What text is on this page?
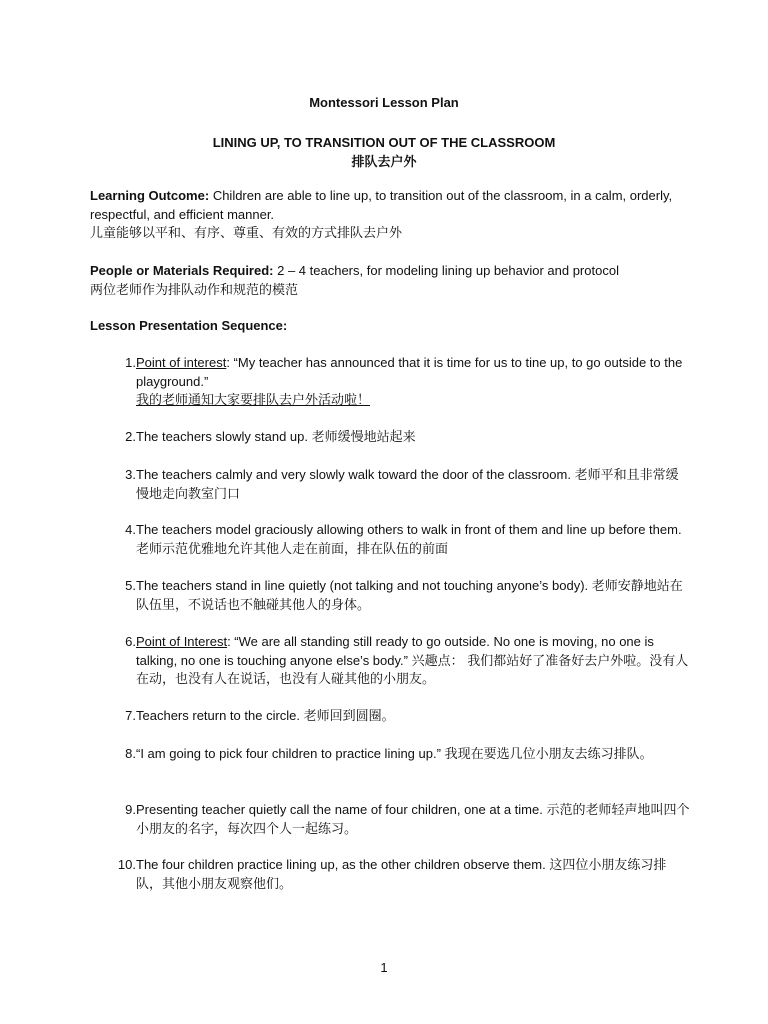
Montessori Lesson Plan
LINING UP, TO TRANSITION OUT OF THE CLASSROOM
排队去户外
Learning Outcome: Children are able to line up, to transition out of the classroom, in a calm, orderly, respectful, and efficient manner.
儿童能够以平和、有序、尊重、有效的方式排队去户外
People or Materials Required: 2 – 4 teachers, for modeling lining up behavior and protocol
两位老师作为排队动作和规范的模范
Lesson Presentation Sequence:
1. Point of interest: “My teacher has announced that it is time for us to tine up, to go outside to the playground.”
我的老师通知大家要排队去户外活动啦！
2. The teachers slowly stand up. 老师缓慢地站起来
3. The teachers calmly and very slowly walk toward the door of the classroom. 老师平和且非常缓慢地走向教室门口
4. The teachers model graciously allowing others to walk in front of them and line up before them. 老师示范优雅地允许其他人走在前面，排在队伍的前面
5. The teachers stand in line quietly (not talking and not touching anyone’s body). 老师安静地站在队伍里，不说话也不触碰其他人的身体。
6. Point of Interest: “We are all standing still ready to go outside. No one is moving, no one is talking, no one is touching anyone else’s body.” 兴趣点： 我们都站好了准备好去户外啦。没有人在动，也没有人在说话，也没有人碰其他的小朋友。
7. Teachers return to the circle. 老师回到圆圈。
8. “I am going to pick four children to practice lining up.” 我现在要选几位小朋友去练习排队。
9. Presenting teacher quietly call the name of four children, one at a time. 示范的老师轻声地叫四个小朋友的名字，每次四个人一起练习。
10. The four children practice lining up, as the other children observe them. 这四位小朋友练习排队，其他小朋友观察他们。
1
